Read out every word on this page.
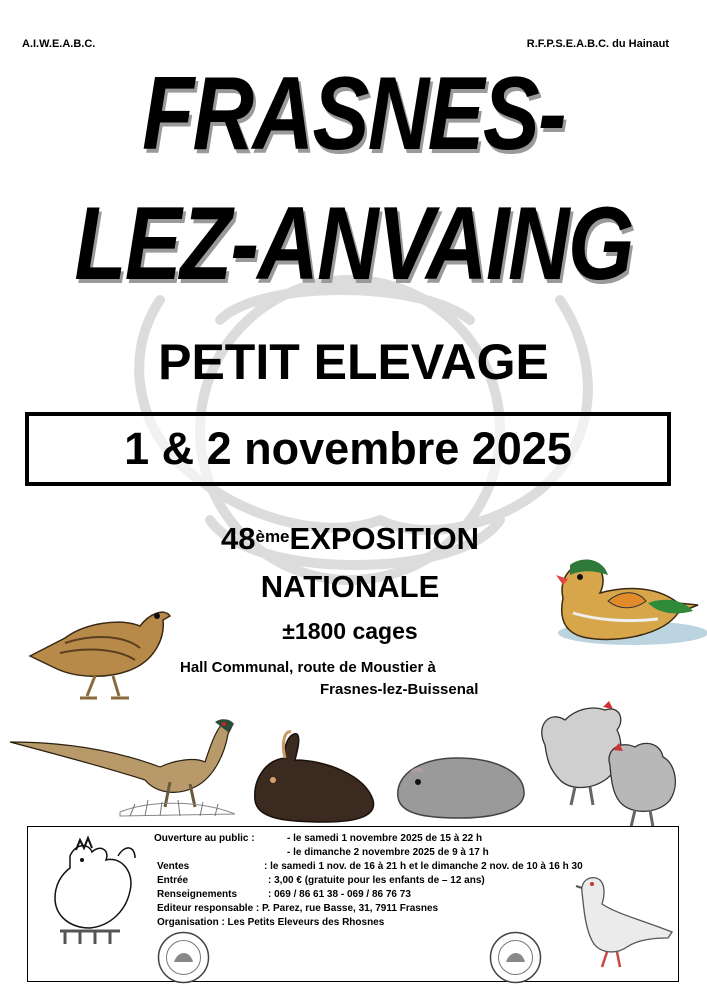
A.I.W.E.A.B.C.	R.F.P.S.E.A.B.C. du Hainaut
FRASNES-
LEZ-ANVAING
PETIT ELEVAGE
1 & 2 novembre 2025
48èmeEXPOSITION
NATIONALE
±1800 cages
Hall Communal, route de Moustier à
Frasnes-lez-Buissenal
Ouverture au public :	- le samedi 1 novembre 2025 de 15 à 22 h
- le dimanche 2 novembre 2025 de 9 à 17 h
Ventes	: le samedi 1 nov. de 16 à 21 h et le dimanche 2 nov. de 10 à 16 h 30
Entrée	: 3,00 € (gratuite pour les enfants de – 12 ans)
Renseignements	: 069 / 86 61 38 - 069 / 86 76 73
Editeur responsable : P. Parez, rue Basse, 31, 7911 Frasnes
Organisation : Les Petits Eleveurs des Rhosnes
